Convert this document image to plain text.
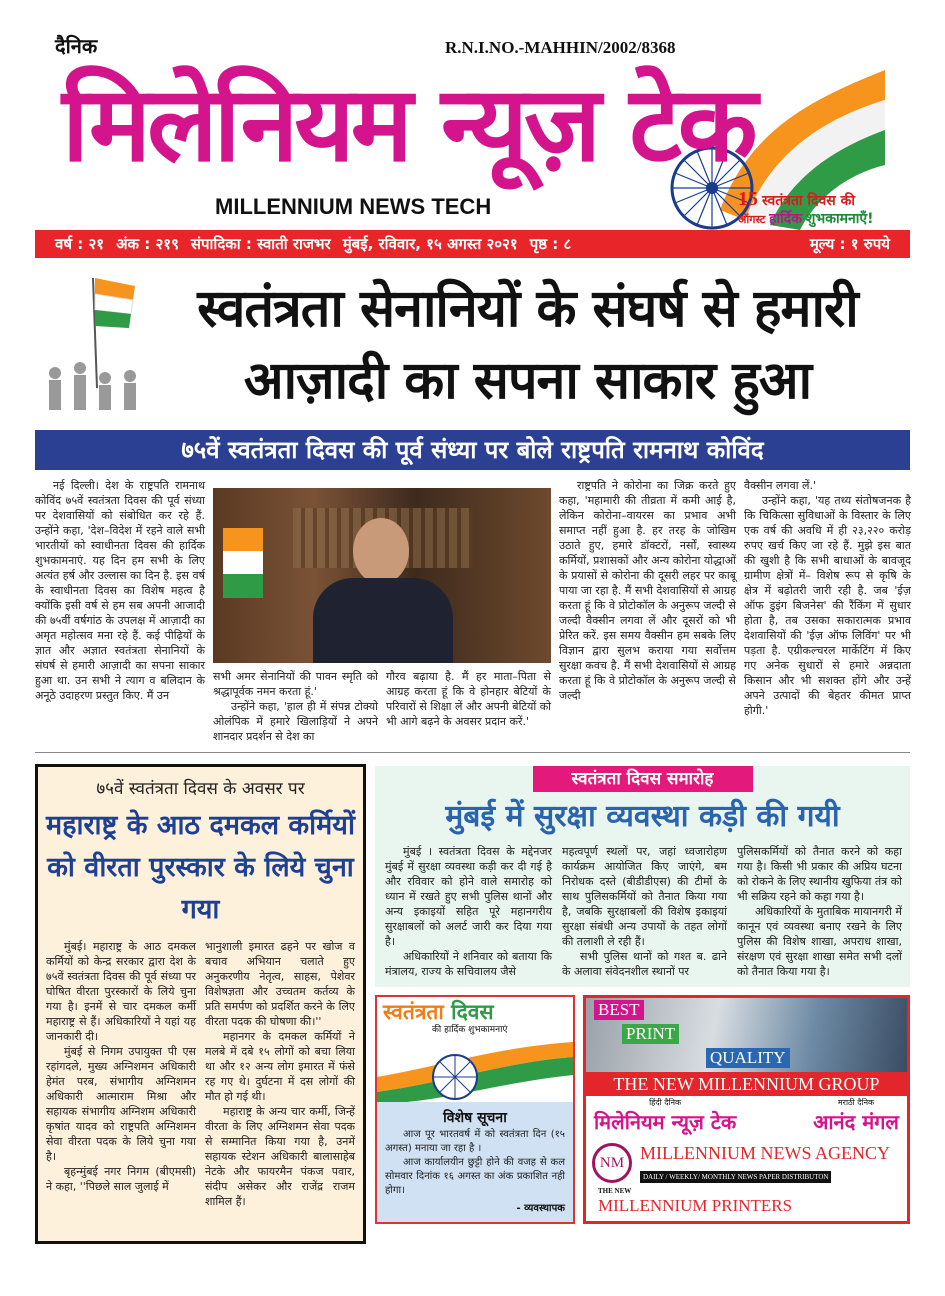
दैनिक	R.N.I.NO.-MAHHIN/2002/8368
मिलेनियम न्यूज़ टेक
MILLENNIUM NEWS TECH	15 स्वतंत्रता दिवस की
ऑगस्ट हार्दिक शुभकामनाएँ!
वर्ष : २१ अंक : २१९ संपादिका : स्वाती राजभर मुंबई, रविवार, १५ अगस्त २०२१ पृष्ठ : ८	मूल्य : १ रुपये
स्वतंत्रता सेनानियों के संघर्ष से हमारी
आज़ादी का सपना साकार हुआ
७५वें स्वतंत्रता दिवस की पूर्व संध्या पर बोले राष्ट्रपति रामनाथ कोविंद

नई दिल्ली। देश के राष्ट्रपति रामनाथ कोविंद ७५वें स्वतंत्रता दिवस की पूर्व संध्या पर देशवासियों को संबोधित कर रहे हैं. उन्होंने कहा, 'देश–विदेश में रहने वाले सभी भारतीयों को स्वाधीनता दिवस की हार्दिक शुभकामनाएं. यह दिन हम सभी के लिए अत्यंत हर्ष और उल्लास का दिन है. इस वर्ष के स्वाधीनता दिवस का विशेष महत्व है क्योंकि इसी वर्ष से हम सब अपनी आजादी की ७५वीं वर्षगांठ के उपलक्ष में आज़ादी का अमृत महोत्सव मना रहे हैं. कई पीढ़ियों के ज्ञात और अज्ञात स्वतंत्रता सेनानियों के संघर्ष से हमारी आज़ादी का सपना साकार हुआ था. उन सभी ने त्याग व बलिदान के अनूठे उदाहरण प्रस्तुत किए. मैं उन

सभी अमर सेनानियों की पावन स्मृति को श्रद्धापूर्वक नमन करता हूं.'

उन्होंने कहा, 'हाल ही में संपन्न टोक्यो ओलंपिक में हमारे खिलाड़ियों ने अपने शानदार प्रदर्शन से देश का

गौरव बढ़ाया है. मैं हर माता–पिता से आग्रह करता हूं कि वे होनहार बेटियों के परिवारों से शिक्षा लें और अपनी बेटियों को भी आगे बढ़ने के अवसर प्रदान करें.'

राष्ट्रपति ने कोरोना का जिक्र करते हुए कहा, 'महामारी की तीव्रता में कमी आई है, लेकिन कोरोना–वायरस का प्रभाव अभी समाप्त नहीं हुआ है. हर तरह के जोखिम उठाते हुए, हमारे डॉक्टरों, नर्सों, स्वास्थ्य कर्मियों, प्रशासकों और अन्य कोरोना योद्धाओं के प्रयासों से कोरोना की दूसरी लहर पर काबू पाया जा रहा है. मैं सभी देशवासियों से आग्रह करता हूं कि वे प्रोटोकॉल के अनुरूप जल्दी से जल्दी वैक्सीन लगवा लें और दूसरों को भी प्रेरित करें. इस समय वैक्सीन हम सबके लिए विज्ञान द्वारा सुलभ कराया गया सर्वोत्तम सुरक्षा कवच है. मैं सभी देशवासियों से आग्रह करता हूं कि वे प्रोटोकॉल के अनुरूप जल्दी से जल्दी

वैक्सीन लगवा लें.'

उन्होंने कहा, 'यह तथ्य संतोषजनक है कि चिकित्सा सुविधाओं के विस्तार के लिए एक वर्ष की अवधि में ही २३,२२० करोड़ रुपए खर्च किए जा रहे हैं. मुझे इस बात की खुशी है कि सभी बाधाओं के बावजूद ग्रामीण क्षेत्रों में– विशेष रूप से कृषि के क्षेत्र में बढ़ोतरी जारी रही है. जब 'ईज़ ऑफ डुइंग बिजनेस' की रैंकिंग में सुधार होता है, तब उसका सकारात्मक प्रभाव देशवासियों की 'ईज़ ऑफ लिविंग' पर भी पड़ता है. एग्रीकल्चरल मार्केटिंग में किए गए अनेक सुधारों से हमारे अन्नदाता किसान और भी सशक्त होंगे और उन्हें अपने उत्पादों की बेहतर कीमत प्राप्त होगी.'

७५वें स्वतंत्रता दिवस के अवसर पर
महाराष्ट्र के आठ दमकल कर्मियों को वीरता पुरस्कार के लिये चुना गया

मुंबई। महाराष्ट्र के आठ दमकल कर्मियों को केन्द्र सरकार द्वारा देश के ७५वें स्वतंत्रता दिवस की पूर्व संध्या पर घोषित वीरता पुरस्कारों के लिये चुना गया है। इनमें से चार दमकल कर्मी महाराष्ट्र से हैं। अधिकारियों ने यहां यह जानकारी दी।

मुंबई से निगम उपायुक्त पी एस रहांगदले, मुख्य अग्निशमन अधिकारी हेमंत परब, संभागीय अग्निशमन अधिकारी आत्माराम मिश्रा और सहायक संभागीय अग्निशम अधिकारी कृषांत यादव को राष्ट्रपति अग्निशमन सेवा वीरता पदक के लिये चुना गया है।

बृहन्मुंबई नगर निगम (बीएमसी) ने कहा, ''पिछले साल जुलाई में

भानुशाली इमारत ढहने पर खोज व बचाव अभियान चलाते हुए अनुकरणीय नेतृत्व, साहस, पेशेवर विशेषज्ञता और उच्चतम कर्तव्य के प्रति समर्पण को प्रदर्शित करने के लिए वीरता पदक की घोषणा की।''

महानगर के दमकल कर्मियों ने मलबे में दबे १५ लोगों को बचा लिया था और १२ अन्य लोग इमारत में फंसे रह गए थे। दुर्घटना में दस लोगों की मौत हो गई थी।

महाराष्ट्र के अन्य चार कर्मी, जिन्हें वीरता के लिए अग्निशमन सेवा पदक से सम्मानित किया गया है, उनमें सहायक स्टेशन अधिकारी बालासाहेब नेटके और फायरमैन पंकज पवार, संदीप असेकर और राजेंद्र राजम शामिल हैं।

स्वतंत्रता दिवस समारोह
मुंबई में सुरक्षा व्यवस्था कड़ी की गयी

मुंबई । स्वतंत्रता दिवस के मद्देनजर मुंबई में सुरक्षा व्यवस्था कड़ी कर दी गई है और रविवार को होने वाले समारोह को ध्यान में रखते हुए सभी पुलिस थानों और अन्य इकाइयों सहित पूरे महानगरीय सुरक्षाबलों को अलर्ट जारी कर दिया गया है।

अधिकारियों ने शनिवार को बताया कि मंत्रालय, राज्य के सचिवालय जैसे

महत्वपूर्ण स्थलों पर, जहां ध्वजारोहण कार्यक्रम आयोजित किए जाएंगे, बम निरोधक दस्ते (बीडीडीएस) की टीमों के साथ पुलिसकर्मियों को तैनात किया गया है, जबकि सुरक्षाबलों की विशेष इकाइयां सुरक्षा संबंधी अन्य उपायों के तहत लोगों की तलाशी ले रही हैं।

सभी पुलिस थानों को गश्त ब. ढाने के अलावा संवेदनशील स्थानों पर

पुलिसकर्मियों को तैनात करने को कहा गया है। किसी भी प्रकार की अप्रिय घटना को रोकने के लिए स्थानीय खुफिया तंत्र को भी सक्रिय रहने को कहा गया है।

अधिकारियों के मुताबिक मायानगरी में कानून एवं व्यवस्था बनाए रखने के लिए पुलिस की विशेष शाखा, अपराध शाखा, संरक्षण एवं सुरक्षा शाखा समेत सभी दलों को तैनात किया गया है।

स्वतंत्रता दिवस
की हार्दिक शुभकामनाएं
विशेष सूचना

आज पूर भारतवर्ष में को स्वतंत्रता दिन (१५ अगस्त) मनाया जा रहा है ।

आज कार्यालयीन छुट्टी होने की वजह से कल सोमवार दिनांक १६ अगस्त का अंक प्रकाशित नही होगा।

- व्यवस्थापक
BEST
PRINT
QUALITY
THE NEW MILLENNIUM GROUP
हिंदी दैनिक
मिलेनियम न्यूज़ टेक
मराठी दैनिक
आनंद मंगल
NM MILLENNIUM NEWS AGENCY
DAILY / WEEKLY/ MONTHLY NEWS PAPER DISTRIBUTON
THE NEW
MILLENNIUM PRINTERS
